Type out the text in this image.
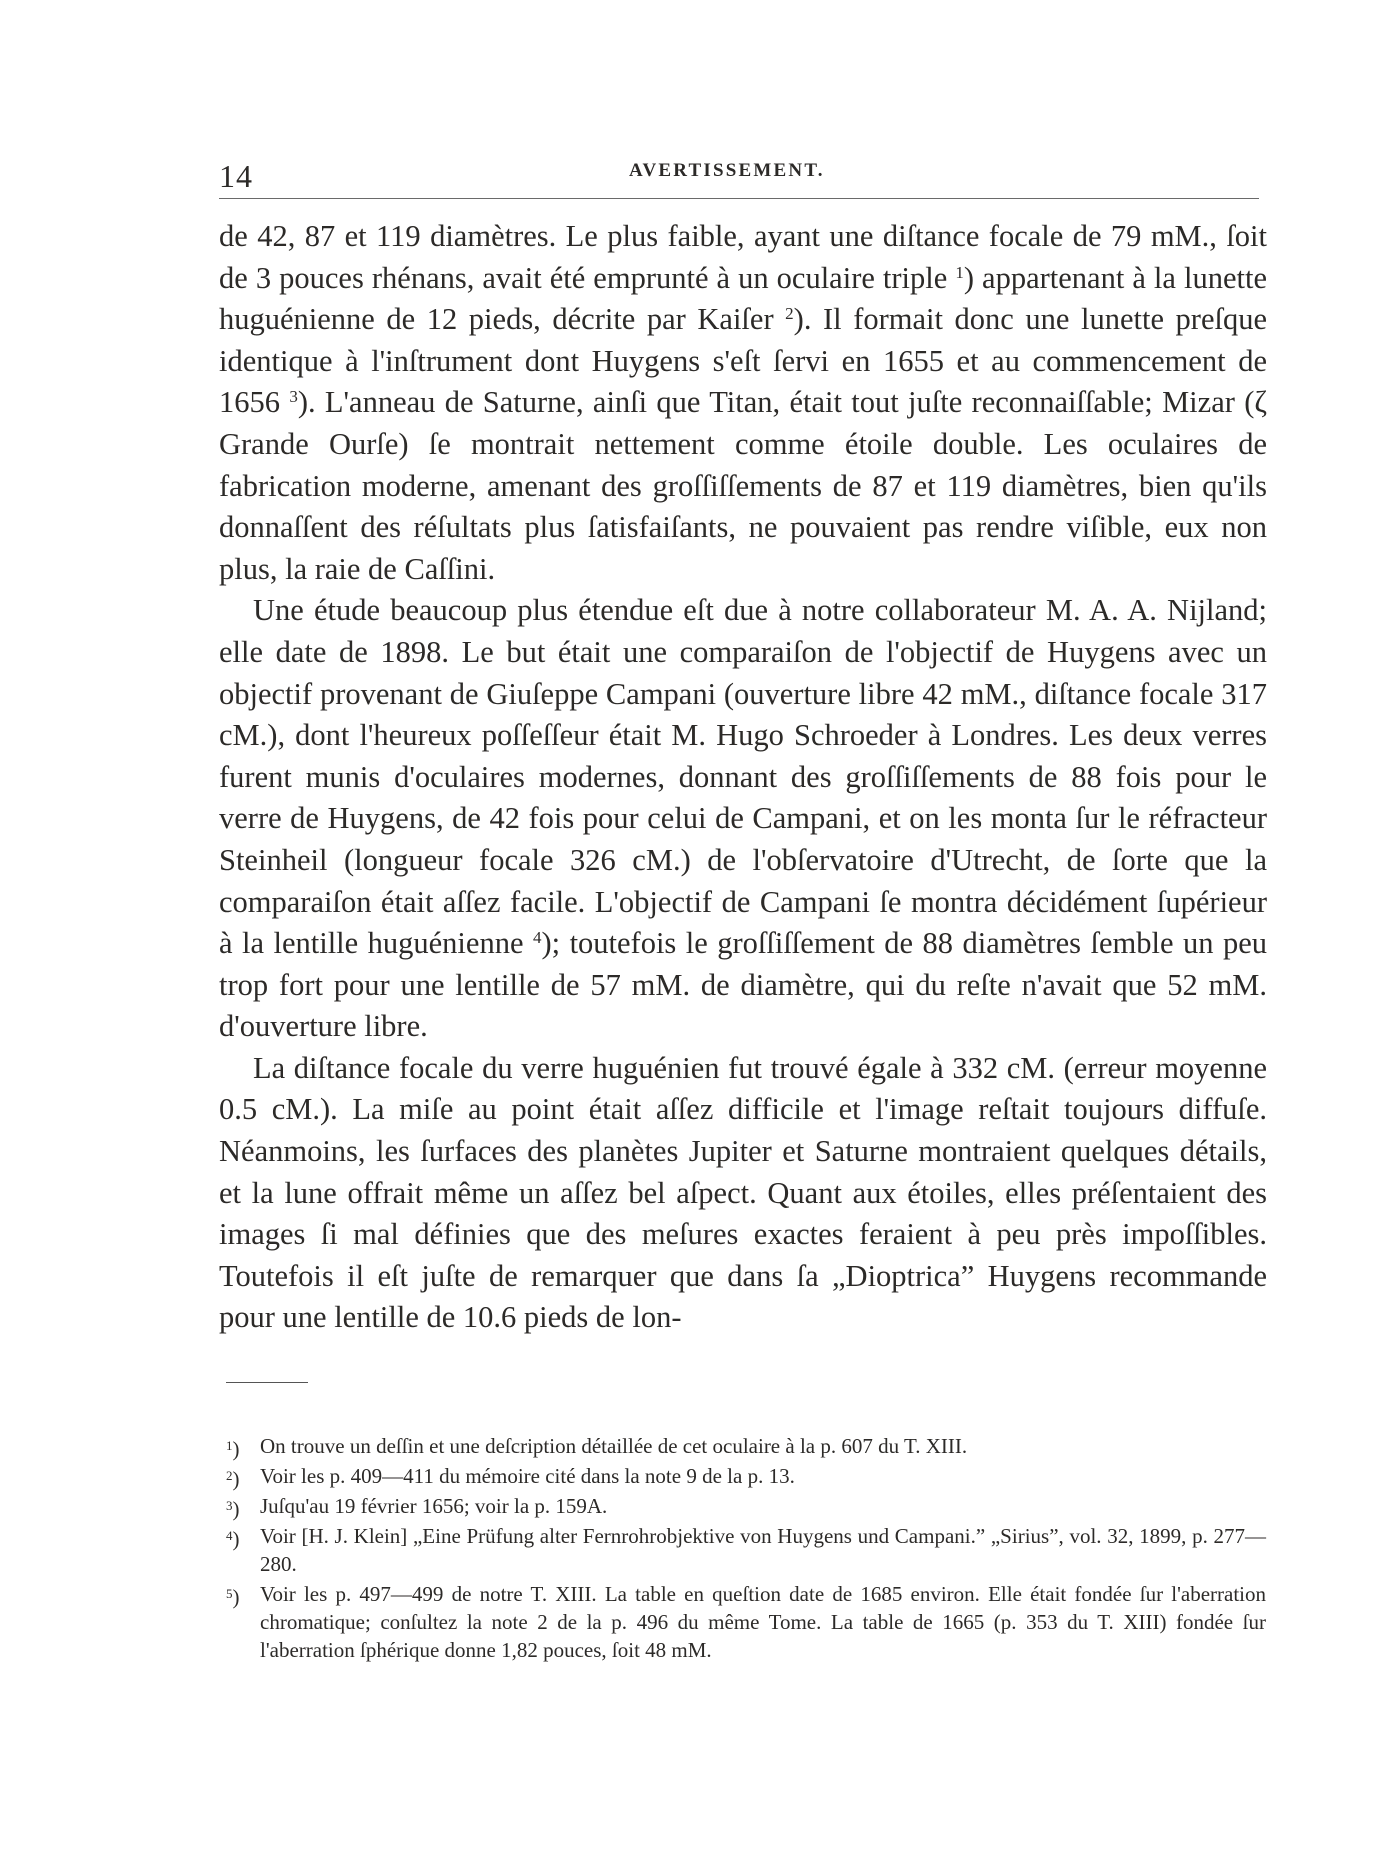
14	AVERTISSEMENT.

de 42, 87 et 119 diamètres. Le plus faible, ayant une diſtance focale de 79 mM., ſoit de 3 pouces rhénans, avait été emprunté à un oculaire triple $^1$) appartenant à la lunette huguénienne de 12 pieds, décrite par Kaiſer $^2$). Il formait donc une lunette preſque identique à l'inſtrument dont Huygens s'eſt ſervi en 1655 et au commencement de 1656 $^3$). L'anneau de Saturne, ainſi que Titan, était tout juſte reconnaiſſable; Mizar (ζ Grande Ourſe) ſe montrait nettement comme étoile double. Les oculaires de fabrication moderne, amenant des groſſiſſements de 87 et 119 diamètres, bien qu'ils donnaſſent des réſultats plus ſatisfaiſants, ne pouvaient pas rendre viſible, eux non plus, la raie de Caſſini.

Une étude beaucoup plus étendue eſt due à notre collaborateur M. A. A. Nijland; elle date de 1898. Le but était une comparaiſon de l'objectif de Huygens avec un objectif provenant de Giuſeppe Campani (ouverture libre 42 mM., diſtance focale 317 cM.), dont l'heureux poſſeſſeur était M. Hugo Schroeder à Londres. Les deux verres furent munis d'oculaires modernes, donnant des groſſiſſements de 88 fois pour le verre de Huygens, de 42 fois pour celui de Campani, et on les monta ſur le réfracteur Steinheil (longueur focale 326 cM.) de l'obſervatoire d'Utrecht, de ſorte que la comparaiſon était aſſez facile. L'objectif de Campani ſe montra décidément ſupérieur à la lentille huguénienne $^4$); toutefois le groſſiſſement de 88 diamètres ſemble un peu trop fort pour une lentille de 57 mM. de diamètre, qui du reſte n'avait que 52 mM. d'ouverture libre.

La diſtance focale du verre huguénien fut trouvé égale à 332 cM. (erreur moyenne 0.5 cM.). La miſe au point était aſſez difficile et l'image reſtait toujours diffuſe. Néanmoins, les ſurfaces des planètes Jupiter et Saturne montraient quelques détails, et la lune offrait même un aſſez bel aſpect. Quant aux étoiles, elles préſentaient des images ſi mal définies que des meſures exactes feraient à peu près impoſſibles. Toutefois il eſt juſte de remarquer que dans ſa „Dioptrica” Huygens recommande pour une lentille de 10.6 pieds de lon-

$^1$) On trouve un deſſin et une deſcription détaillée de cet oculaire à la p. 607 du T. XIII.
$^2$) Voir les p. 409—411 du mémoire cité dans la note 9 de la p. 13.
$^3$) Juſqu'au 19 février 1656; voir la p. 159A.
$^4$) Voir [H. J. Klein] „Eine Prüfung alter Fernrohrobjektive von Huygens und Campani.” „Sirius”, vol. 32, 1899, p. 277—280.
$^5$) Voir les p. 497—499 de notre T. XIII. La table en queſtion date de 1685 environ. Elle était fondée ſur l'aberration chromatique; conſultez la note 2 de la p. 496 du même Tome. La table de 1665 (p. 353 du T. XIII) fondée ſur l'aberration ſphérique donne 1,82 pouces, ſoit 48 mM.
